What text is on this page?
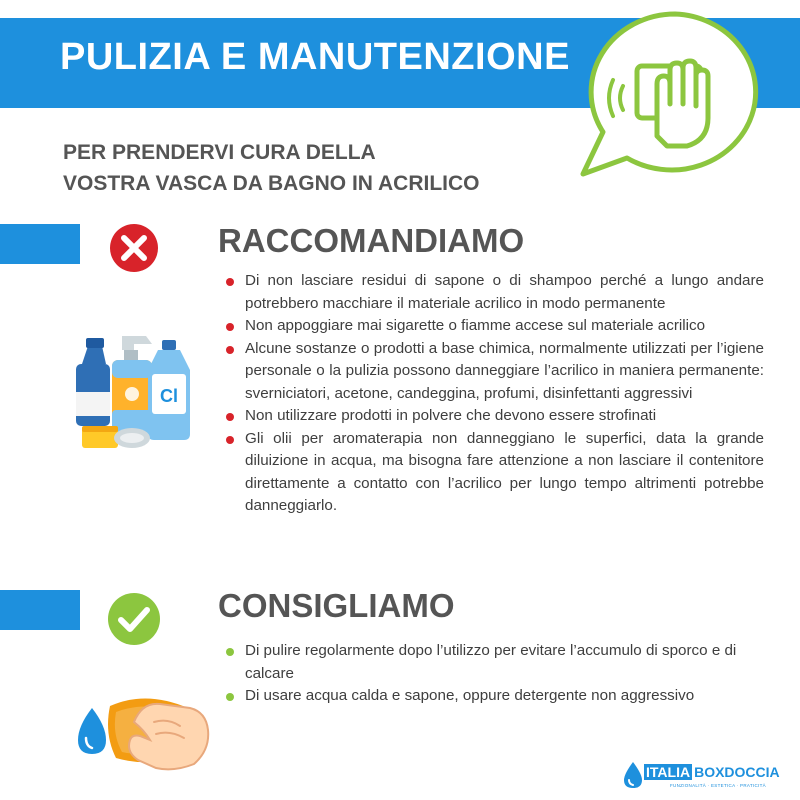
PULIZIA E MANUTENZIONE
PER PRENDERVI CURA DELLA
VOSTRA VASCA DA BAGNO IN ACRILICO
RACCOMANDIAMO
Cl
Di non lasciare residui di sapone o di shampoo perché a lungo andare potrebbero macchiare il materiale acrilico in modo permanente
Non appoggiare mai sigarette o fiamme accese sul materiale acrilico
Alcune sostanze o prodotti a base chimica, normalmente utilizzati per l’igiene personale o la pulizia possono danneggiare l’acrilico in maniera permanente: sverniciatori, acetone, candeggina, profumi, disinfettanti aggressivi
Non utilizzare prodotti in polvere che devono essere strofinati
Gli olii per aromaterapia non danneggiano le superfici, data la grande diluizione in acqua, ma bisogna fare attenzione a non lasciare il contenitore direttamente a contatto con l’acrilico per lungo tempo altrimenti potrebbe danneggiarlo.
CONSIGLIAMO
Di pulire regolarmente dopo l’utilizzo per evitare l’accumulo di sporco e di calcare
Di usare acqua calda e sapone, oppure detergente non aggressivo
ITALIA BOXDOCCIA
FUNZIONALITÀ · ESTETICA · PRATICITÀ
